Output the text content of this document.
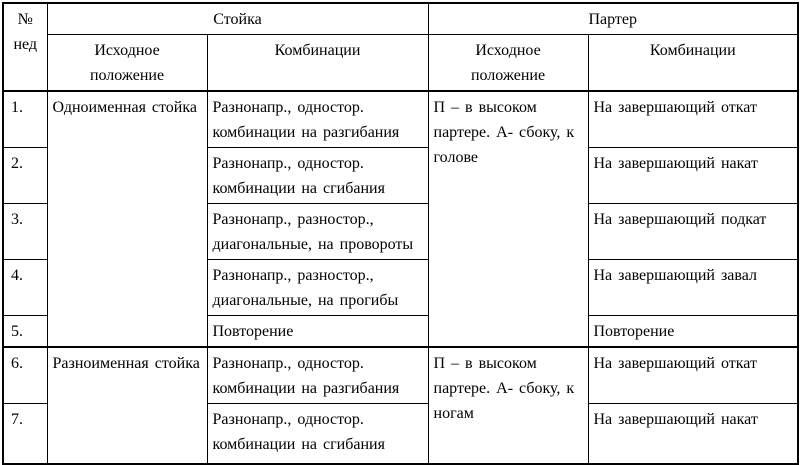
№
нед	Стойка		Партер	
	Исходное положение	Комбинации	Исходное положение	Комбинации
1.	Одноименная стойка	Разнонапр., одностор. комбинации на разгибания	П – в высоком партере. А- сбоку, к голове	На завершающий откат
2.		Разнонапр., одностор. комбинации на сгибания		На завершающий накат
3.		Разнонапр., разностор., диагональные, на провороты		На завершающий подкат
4.		Разнонапр., разностор., диагональные, на прогибы		На завершающий завал
5.		Повторение		Повторение
6.	Разноименная стойка	Разнонапр., одностор. комбинации на разгибания	П – в высоком партере. А- сбоку, к ногам	На завершающий откат
7.		Разнонапр., одностор. комбинации на сгибания		На завершающий накат
